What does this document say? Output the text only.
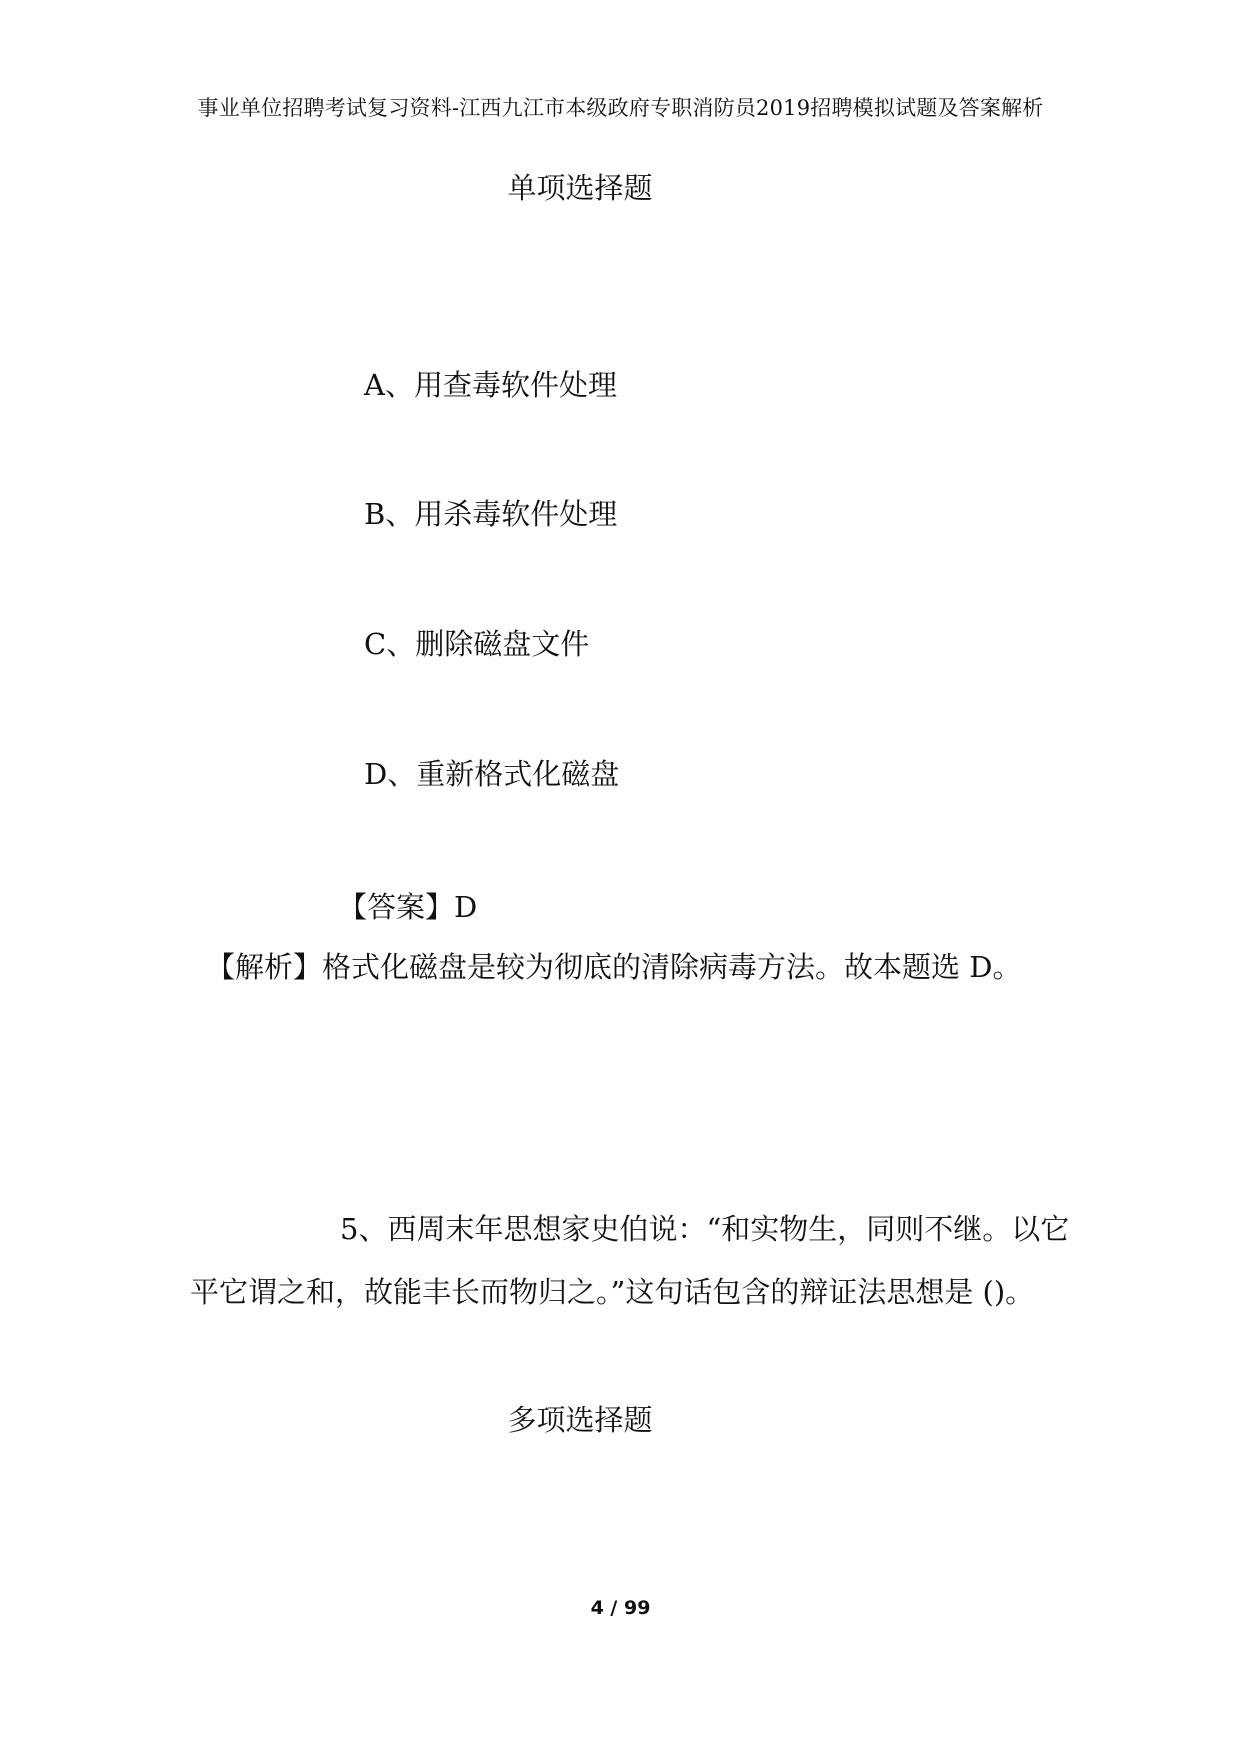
事业单位招聘考试复习资料-江西九江市本级政府专职消防员2019招聘模拟试题及答案解析
单项选择题
A、用查毒软件处理
B、用杀毒软件处理
C、删除磁盘文件
D、重新格式化磁盘
【答案】D
【解析】格式化磁盘是较为彻底的清除病毒方法。故本题选 D。
5、西周末年思想家史伯说：“和实物生，同则不继。以它平它谓之和，故能丰长而物归之。”这句话包含的辩证法思想是 ()。
多项选择题
4 / 99
